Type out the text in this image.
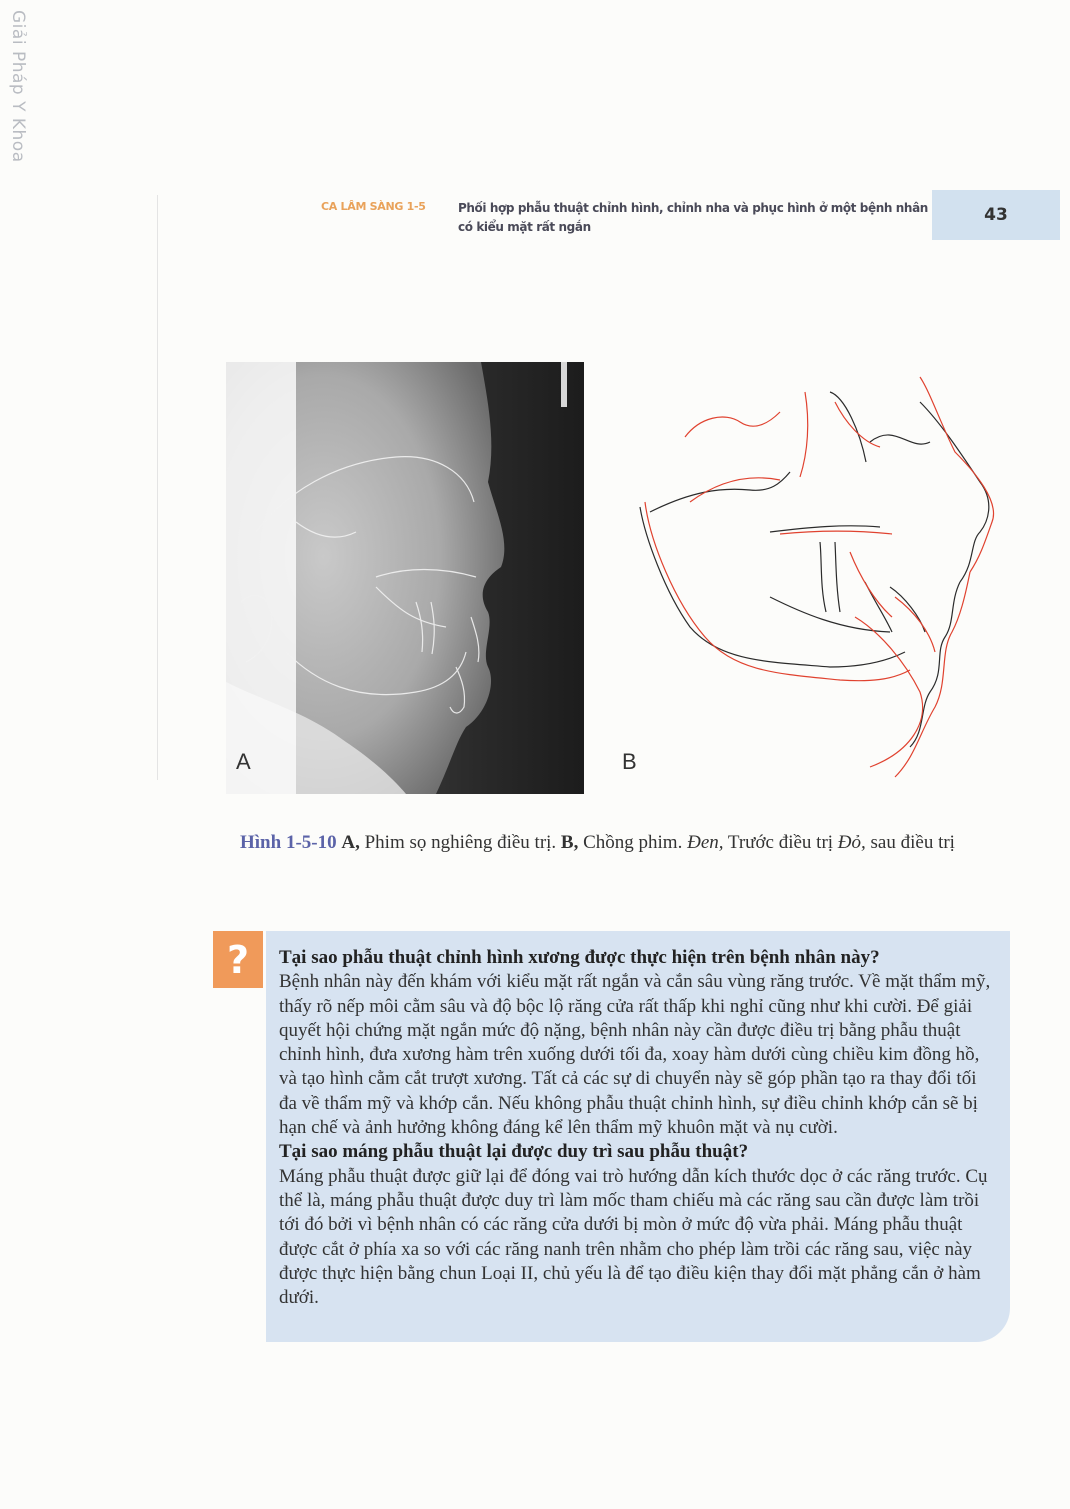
Giải Pháp Y Khoa
CA LÂM SÀNG 1-5	Phối hợp phẫu thuật chỉnh hình, chỉnh nha và phục hình ở một bệnh nhân có kiểu mặt rất ngắn
43
A	B
Hình 1-5-10 A, Phim sọ nghiêng điều trị. B, Chồng phim. Đen, Trước điều trị Đỏ, sau điều trị
?	Tại sao phẫu thuật chỉnh hình xương được thực hiện trên bệnh nhân này?
Bệnh nhân này đến khám với kiểu mặt rất ngắn và cắn sâu vùng răng trước. Về mặt thẩm mỹ, thấy rõ nếp môi cằm sâu và độ bộc lộ răng cửa rất thấp khi nghỉ cũng như khi cười. Để giải quyết hội chứng mặt ngắn mức độ nặng, bệnh nhân này cần được điều trị bằng phẫu thuật chỉnh hình, đưa xương hàm trên xuống dưới tối đa, xoay hàm dưới cùng chiều kim đồng hồ, và tạo hình cằm cắt trượt xương. Tất cả các sự di chuyển này sẽ góp phần tạo ra thay đổi tối đa về thẩm mỹ và khớp cắn. Nếu không phẫu thuật chỉnh hình, sự điều chỉnh khớp cắn sẽ bị hạn chế và ảnh hưởng không đáng kể lên thẩm mỹ khuôn mặt và nụ cười.

Tại sao máng phẫu thuật lại được duy trì sau phẫu thuật?
Máng phẫu thuật được giữ lại để đóng vai trò hướng dẫn kích thước dọc ở các răng trước. Cụ thể là, máng phẫu thuật được duy trì làm mốc tham chiếu mà các răng sau cần được làm trồi tới đó bởi vì bệnh nhân có các răng cửa dưới bị mòn ở mức độ vừa phải. Máng phẫu thuật được cắt ở phía xa so với các răng nanh trên nhằm cho phép làm trồi các răng sau, việc này được thực hiện bằng chun Loại II, chủ yếu là để tạo điều kiện thay đổi mặt phẳng cắn ở hàm dưới.
